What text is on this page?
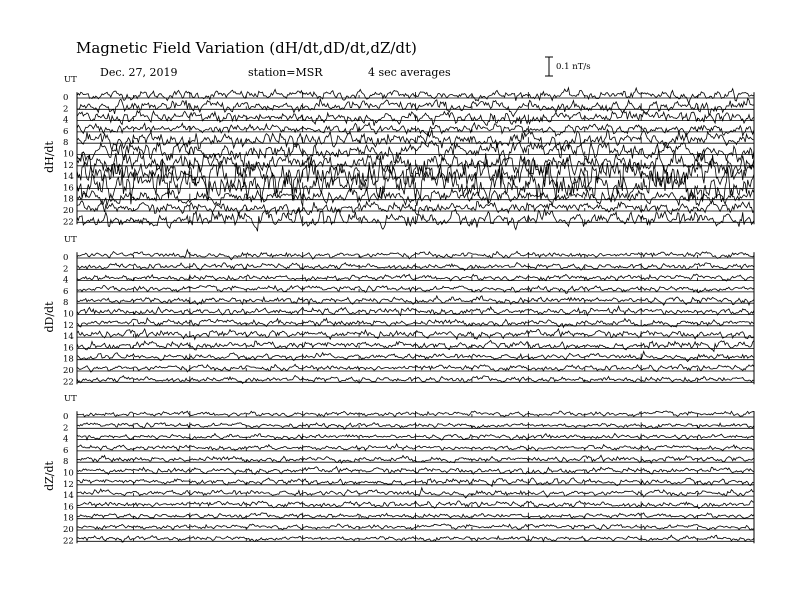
Magnetic Field Variation (dH/dt,dD/dt,dZ/dt)
Dec. 27, 2019	station=MSR	4 sec averages	0.1 nT/s
UT
dH/dt
0
2
4
6
8
10
12
14
16
18
20
22
UT
dD/dt
0
2
4
6
8
10
12
14
16
18
20
22
UT
dZ/dt
0
2
4
6
8
10
12
14
16
18
20
22
